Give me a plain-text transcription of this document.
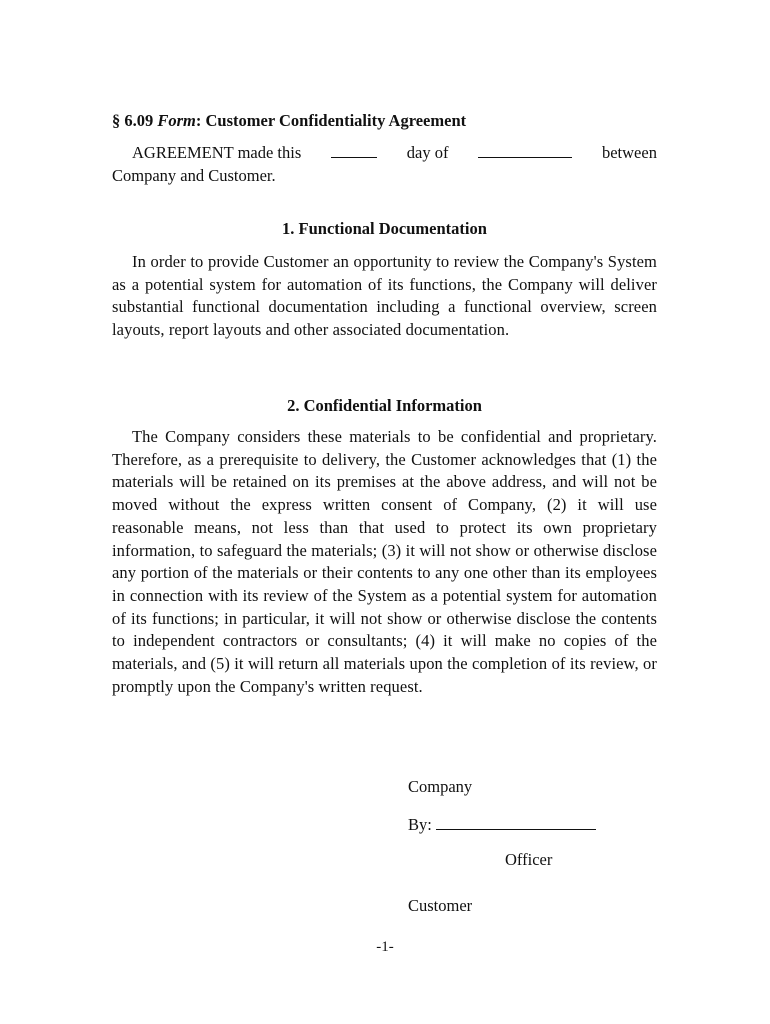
§ 6.09 Form: Customer Confidentiality Agreement
AGREEMENT made this	day of	between
Company and Customer.
1. Functional Documentation
In order to provide Customer an opportunity to review the Company's System as a potential system for automation of its functions, the Company will deliver substantial functional documentation including a functional overview, screen layouts, report layouts and other associated documentation.
2. Confidential Information
The Company considers these materials to be confidential and proprietary. Therefore, as a prerequisite to delivery, the Customer acknowledges that (1) the materials will be retained on its premises at the above address, and will not be moved without the express written consent of Company, (2) it will use reasonable means, not less than that used to protect its own proprietary information, to safeguard the materials; (3) it will not show or otherwise disclose any portion of the materials or their contents to any one other than its employees in connection with its review of the System as a potential system for automation of its functions; in particular, it will not show or otherwise disclose the contents to independent contractors or consultants; (4) it will make no copies of the materials, and (5) it will return all materials upon the completion of its review, or promptly upon the Company's written request.
Company
By:
Officer
Customer
-1-
